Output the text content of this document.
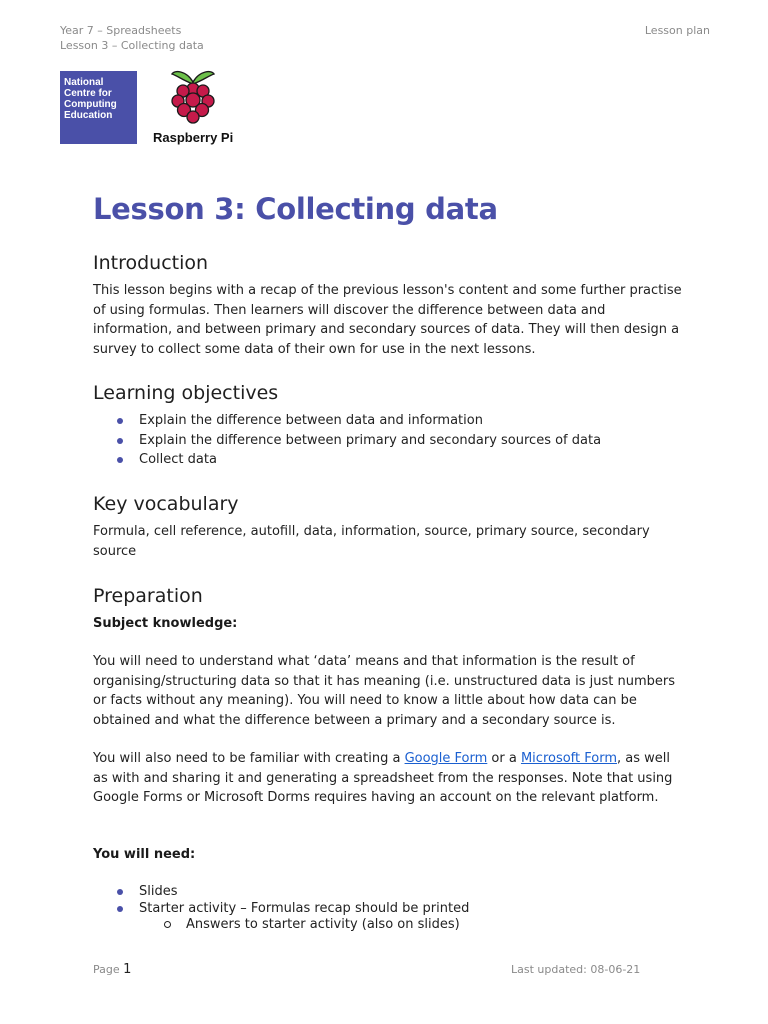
Year 7 – Spreadsheets
Lesson 3 – Collecting data
Lesson plan
National Centre for Computing Education
Raspberry Pi
Lesson 3: Collecting data
Introduction

This lesson begins with a recap of the previous lesson's content and some further practise of using formulas. Then learners will discover the difference between data and information, and between primary and secondary sources of data. They will then design a survey to collect some data of their own for use in the next lessons.

Learning objectives
Explain the difference between data and information
Explain the difference between primary and secondary sources of data
Collect data
Key vocabulary

Formula, cell reference, autofill, data, information, source, primary source, secondary source

Preparation

Subject knowledge:

You will need to understand what ‘data’ means and that information is the result of organising/structuring data so that it has meaning (i.e. unstructured data is just numbers or facts without any meaning). You will need to know a little about how data can be obtained and what the difference between a primary and a secondary source is.

You will also need to be familiar with creating a Google Form or a Microsoft Form, as well as with and sharing it and generating a spreadsheet from the responses. Note that using Google Forms or Microsoft Dorms requires having an account on the relevant platform.

You will need:

Slides
Starter activity – Formulas recap should be printed
Answers to starter activity (also on slides)
Page 1	Last updated: 08-06-21
